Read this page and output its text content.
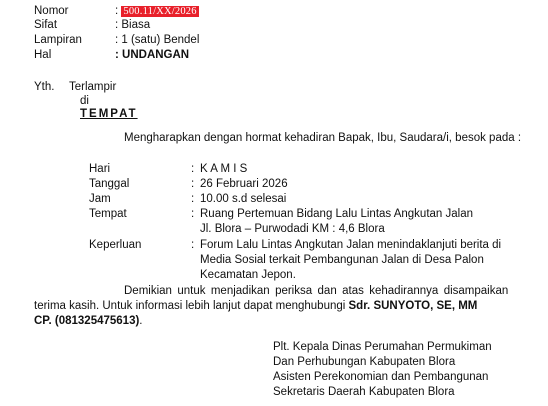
Nomor	: 500.11/XX/2026
Sifat	: Biasa
Lampiran	: 1 (satu) Bendel
Hal	: UNDANGAN
Yth. Terlampir
di
TEMPAT
Mengharapkan dengan hormat kehadiran Bapak, Ibu, Saudara/i, besok pada :
Hari	: K A M I S
Tanggal	: 26 Februari 2026
Jam	: 10.00 s.d selesai
Tempat	: Ruang Pertemuan Bidang Lalu Lintas Angkutan Jalan
Jl. Blora – Purwodadi KM : 4,6 Blora
Keperluan	: Forum Lalu Lintas Angkutan Jalan menindaklanjuti berita di
Media Sosial terkait Pembangunan Jalan di Desa Palon
Kecamatan Jepon.
Demikian untuk menjadikan periksa dan atas kehadirannya disampaikan
terima kasih. Untuk informasi lebih lanjut dapat menghubungi Sdr. SUNYOTO, SE, MM
CP. (081325475613).
Plt. Kepala Dinas Perumahan Permukiman
Dan Perhubungan Kabupaten Blora
Asisten Perekonomian dan Pembangunan
Sekretaris Daerah Kabupaten Blora
